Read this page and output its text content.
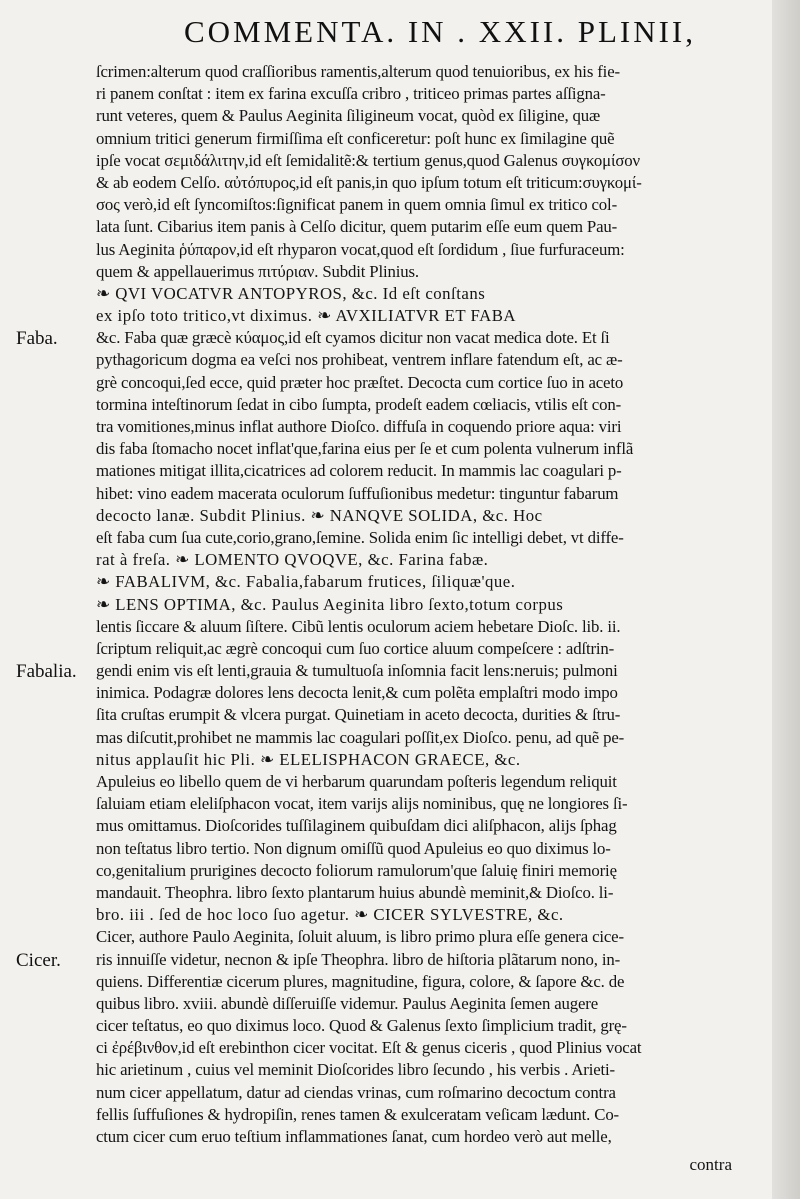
COMMENTA. IN . XXII. PLINII,
Faba.
Fabalia.
Cicer.
ſcrimen:alterum quod craſſioribus ramentis,alterum quod tenuioribus, ex his fie-
ri panem conſtat : item ex farina excuſſa cribro , triticeo primas partes aſſigna-
runt veteres, quem & Paulus Aeginita ſiligineum vocat, quòd ex ſiligine, quæ
omnium tritici generum firmiſſima eſt conficeretur: poſt hunc ex ſimilagine quẽ
ipſe vocat σεμιδάλιτην,id eſt ſemidalitẽ:& tertium genus,quod Galenus συγκομίσον
& ab eodem Celſo. αὐτόπυρος,id eſt panis,in quo ipſum totum eſt triticum:συγκομί-
σος verò,id eſt ſyncomiſtos:ſignificat panem in quem omnia ſimul ex tritico col-
lata ſunt. Cibarius item panis à Celſo dicitur, quem putarim eſſe eum quem Pau-
lus Aeginita ῥύπαρον,id eſt rhyparon vocat,quod eſt ſordidum , ſiue furfuraceum:
quem & appellauerimus πιτύριαν. Subdit Plinius.
❧ QVI VOCATVR ANTOPYROS, &c. Id eſt conſtans
ex ipſo toto tritico,vt diximus. ❧ AVXILIATVR ET FABA
&c. Faba quæ græcè κύαμος,id eſt cyamos dicitur non vacat medica dote. Et ſi
pythagoricum dogma ea veſci nos prohibeat, ventrem inflare fatendum eſt, ac æ-
grè concoqui,ſed ecce, quid præter hoc præſtet. Decocta cum cortice ſuo in aceto
tormina inteſtinorum ſedat in cibo ſumpta, prodeſt eadem cœliacis, vtilis eſt con-
tra vomitiones,minus inflat authore Dioſco. diffuſa in coquendo priore aqua: viri
dis faba ſtomacho nocet inflat'que,farina eius per ſe et cum polenta vulnerum inflã
mationes mitigat illita,cicatrices ad colorem reducit. In mammis lac coagulari p-
hibet: vino eadem macerata oculorum ſuffuſionibus medetur: tinguntur fabarum
decocto lanæ. Subdit Plinius. ❧ NANQVE SOLIDA, &c. Hoc
eſt faba cum ſua cute,corio,grano,ſemine. Solida enim ſic intelligi debet, vt diffe-
rat à freſa. ❧ LOMENTO QVOQVE, &c. Farina fabæ.
❧ FABALIVM, &c. Fabalia,fabarum frutices, ſiliquæ'que.
❧ LENS OPTIMA, &c. Paulus Aeginita libro ſexto,totum corpus
lentis ſiccare & aluum ſiſtere. Cibũ lentis oculorum aciem hebetare Dioſc. lib. ii.
ſcriptum reliquit,ac ægrè concoqui cum ſuo cortice aluum compeſcere : adſtrin-
gendi enim vis eſt lenti,grauia & tumultuoſa inſomnia facit lens:neruis; pulmoni
inimica. Podagræ dolores lens decocta lenit,& cum polẽta emplaſtri modo impo
ſita cruſtas erumpit & vlcera purgat. Quinetiam in aceto decocta, durities & ſtru-
mas diſcutit,prohibet ne mammis lac coagulari poſſit,ex Dioſco. penu, ad quẽ pe-
nitus applauſit hic Pli. ❧ ELELISPHACON GRAECE, &c.
Apuleius eo libello quem de vi herbarum quarundam poſteris legendum reliquit
ſaluiam etiam eleliſphacon vocat, item varijs alijs nominibus, quę ne longiores ſi-
mus omittamus. Dioſcorides tuſſilaginem quibuſdam dici aliſphacon, alijs ſphag
non teſtatus libro tertio. Non dignum omiſſũ quod Apuleius eo quo diximus lo-
co,genitalium prurigines decocto foliorum ramulorum'que ſaluię finiri memorię
mandauit. Theophra. libro ſexto plantarum huius abundè meminit,& Dioſco. li-
bro. iii . ſed de hoc loco ſuo agetur. ❧ CICER SYLVESTRE, &c.
Cicer, authore Paulo Aeginita, ſoluit aluum, is libro primo plura eſſe genera cice-
ris innuiſſe videtur, necnon & ipſe Theophra. libro de hiſtoria plãtarum nono, in-
quiens. Differentiæ cicerum plures, magnitudine, figura, colore, & ſapore &c. de
quibus libro. xviii. abundè diſſeruiſſe videmur. Paulus Aeginita ſemen augere
cicer teſtatus, eo quo diximus loco. Quod & Galenus ſexto ſimplicium tradit, grę-
ci ἐρέβινθον,id eſt erebinthon cicer vocitat. Eſt & genus ciceris , quod Plinius vocat
hic arietinum , cuius vel meminit Dioſcorides libro ſecundo , his verbis . Arieti-
num cicer appellatum, datur ad ciendas vrinas, cum roſmarino decoctum contra
fellis ſuffuſiones & hydropiſin, renes tamen & exulceratam veſicam lædunt. Co-
ctum cicer cum eruo teſtium inflammationes ſanat, cum hordeo verò aut melle,
contra
